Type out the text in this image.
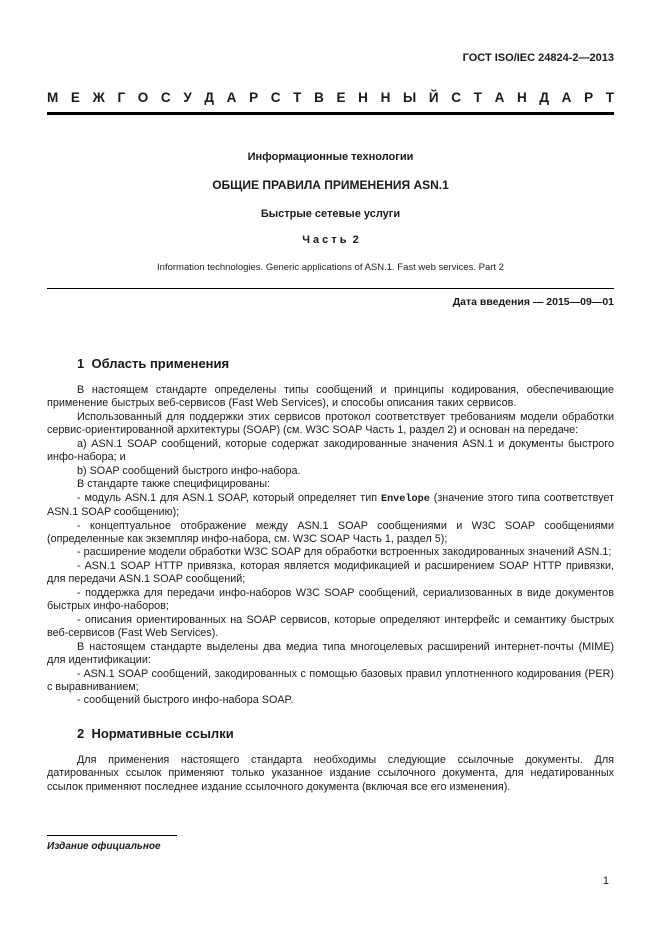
ГОСТ ISO/IEC 24824-2—2013
М Е Ж Г О С У Д А Р С Т В Е Н Н Ы Й С Т А Н Д А Р Т
Информационные технологии
ОБЩИЕ ПРАВИЛА ПРИМЕНЕНИЯ ASN.1
Быстрые сетевые услуги
Ч а с т ь  2
Information technologies. Generic applications of ASN.1. Fast web services. Part 2
Дата введения — 2015—09—01
1  Область применения

В настоящем стандарте определены типы сообщений и принципы кодирования, обеспечивающие применение быстрых веб-сервисов (Fast Web Services), и способы описания таких сервисов.

Использованный для поддержки этих сервисов протокол соответствует требованиям модели обработки сервис-ориентированной архитектуры (SOAP) (см. W3C SOAP Часть 1, раздел 2) и основан на передаче:

а) ASN.1 SOAP сообщений, которые содержат закодированные значения ASN.1 и документы быстрого инфо-набора; и

b) SOAP сообщений быстрого инфо-набора.

В стандарте также специфицированы:

- модуль ASN.1 для ASN.1 SOAP, который определяет тип Envelope (значение этого типа соответствует ASN.1 SOAP сообщению);

- концептуальное отображение между ASN.1 SOAP сообщениями и W3C SOAP сообщениями (определенные как экземпляр инфо-набора, см. W3C SOAP Часть 1, раздел 5);

- расширение модели обработки W3C SOAP для обработки встроенных закодированных значений ASN.1;

- ASN.1 SOAP HTTP привязка, которая является модификацией и расширением SOAP HTTP привязки, для передачи ASN.1 SOAP сообщений;

- поддержка для передачи инфо-наборов W3C SOAP сообщений, сериализованных в виде документов быстрых инфо-наборов;

- описания ориентированных на SOAP сервисов, которые определяют интерфейс и семантику быстрых веб-сервисов (Fast Web Services).

В настоящем стандарте выделены два медиа типа многоцелевых расширений интернет-почты (MIME) для идентификации:

- ASN.1 SOAP сообщений, закодированных с помощью базовых правил уплотненного кодирования (PER) с выравниванием;

- сообщений быстрого инфо-набора SOAP.

2  Нормативные ссылки

Для применения настоящего стандарта необходимы следующие ссылочные документы. Для датированных ссылок применяют только указанное издание ссылочного документа, для недатированных ссылок применяют последнее издание ссылочного документа (включая все его изменения).

Издание официальное
1
